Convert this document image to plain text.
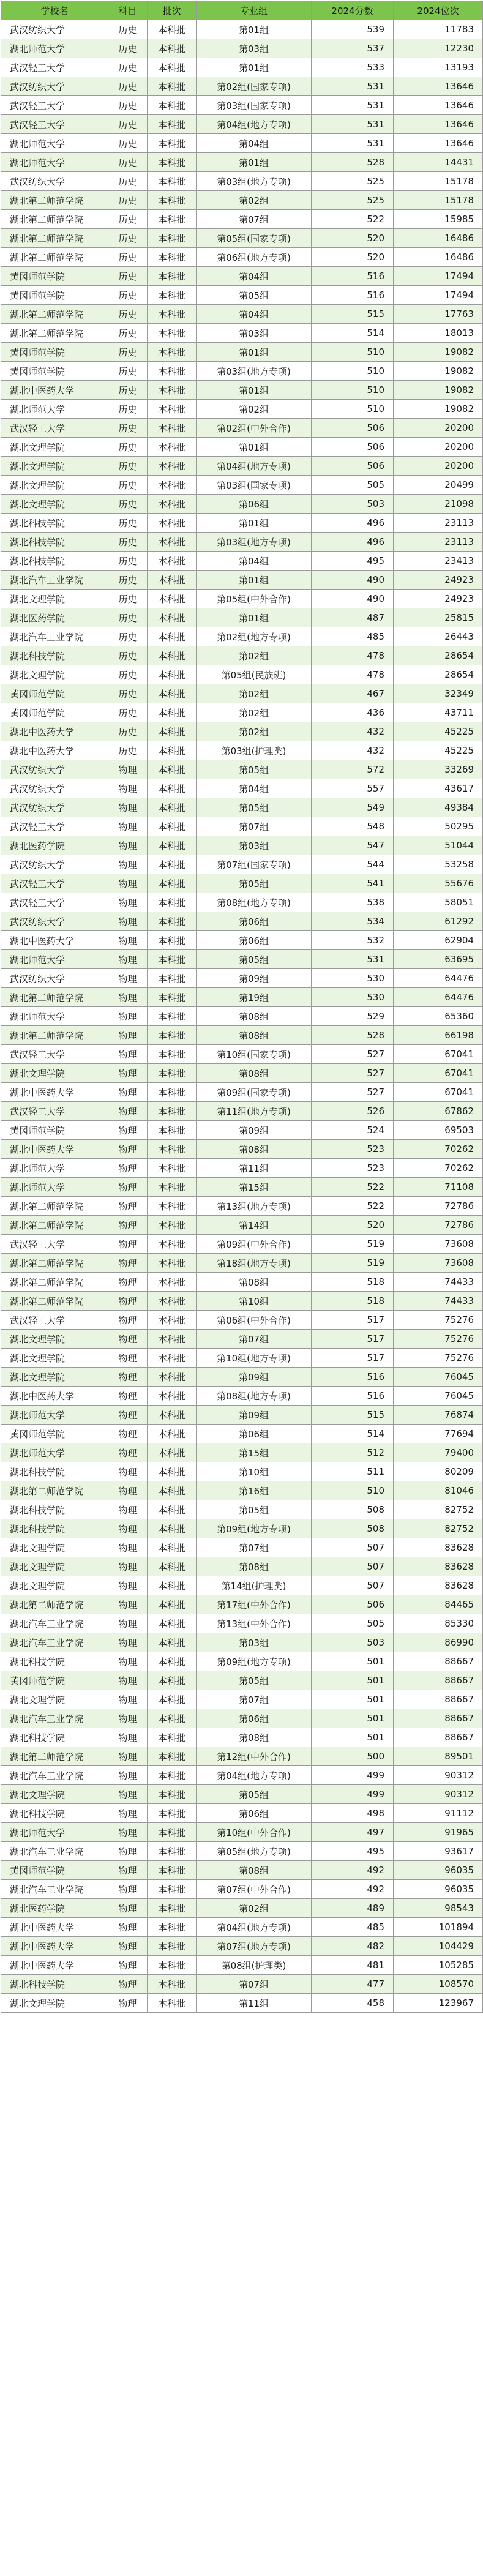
学校名	科目	批次	专业组	2024分数	2024位次
武汉纺织大学	历史	本科批	第01组	539	11783
湖北师范大学	历史	本科批	第03组	537	12230
武汉轻工大学	历史	本科批	第01组	533	13193
武汉纺织大学	历史	本科批	第02组(国家专项)	531	13646
武汉轻工大学	历史	本科批	第03组(国家专项)	531	13646
武汉轻工大学	历史	本科批	第04组(地方专项)	531	13646
湖北师范大学	历史	本科批	第04组	531	13646
湖北师范大学	历史	本科批	第01组	528	14431
武汉纺织大学	历史	本科批	第03组(地方专项)	525	15178
湖北第二师范学院	历史	本科批	第02组	525	15178
湖北第二师范学院	历史	本科批	第07组	522	15985
湖北第二师范学院	历史	本科批	第05组(国家专项)	520	16486
湖北第二师范学院	历史	本科批	第06组(地方专项)	520	16486
黄冈师范学院	历史	本科批	第04组	516	17494
黄冈师范学院	历史	本科批	第05组	516	17494
湖北第二师范学院	历史	本科批	第04组	515	17763
湖北第二师范学院	历史	本科批	第03组	514	18013
黄冈师范学院	历史	本科批	第01组	510	19082
黄冈师范学院	历史	本科批	第03组(地方专项)	510	19082
湖北中医药大学	历史	本科批	第01组	510	19082
湖北师范大学	历史	本科批	第02组	510	19082
武汉轻工大学	历史	本科批	第02组(中外合作)	506	20200
湖北文理学院	历史	本科批	第01组	506	20200
湖北文理学院	历史	本科批	第04组(地方专项)	506	20200
湖北文理学院	历史	本科批	第03组(国家专项)	505	20499
湖北文理学院	历史	本科批	第06组	503	21098
湖北科技学院	历史	本科批	第01组	496	23113
湖北科技学院	历史	本科批	第03组(地方专项)	496	23113
湖北科技学院	历史	本科批	第04组	495	23413
湖北汽车工业学院	历史	本科批	第01组	490	24923
湖北文理学院	历史	本科批	第05组(中外合作)	490	24923
湖北医药学院	历史	本科批	第01组	487	25815
湖北汽车工业学院	历史	本科批	第02组(地方专项)	485	26443
湖北科技学院	历史	本科批	第02组	478	28654
湖北文理学院	历史	本科批	第05组(民族班)	478	28654
黄冈师范学院	历史	本科批	第02组	467	32349
黄冈师范学院	历史	本科批	第02组	436	43711
湖北中医药大学	历史	本科批	第02组	432	45225
湖北中医药大学	历史	本科批	第03组(护理类)	432	45225
武汉纺织大学	物理	本科批	第05组	572	33269
武汉纺织大学	物理	本科批	第04组	557	43617
武汉纺织大学	物理	本科批	第05组	549	49384
武汉轻工大学	物理	本科批	第07组	548	50295
湖北医药学院	物理	本科批	第03组	547	51044
武汉纺织大学	物理	本科批	第07组(国家专项)	544	53258
武汉轻工大学	物理	本科批	第05组	541	55676
武汉轻工大学	物理	本科批	第08组(地方专项)	538	58051
武汉纺织大学	物理	本科批	第06组	534	61292
湖北中医药大学	物理	本科批	第06组	532	62904
湖北师范大学	物理	本科批	第05组	531	63695
武汉纺织大学	物理	本科批	第09组	530	64476
湖北第二师范学院	物理	本科批	第19组	530	64476
湖北师范大学	物理	本科批	第08组	529	65360
湖北第二师范学院	物理	本科批	第08组	528	66198
武汉轻工大学	物理	本科批	第10组(国家专项)	527	67041
湖北文理学院	物理	本科批	第08组	527	67041
湖北中医药大学	物理	本科批	第09组(国家专项)	527	67041
武汉轻工大学	物理	本科批	第11组(地方专项)	526	67862
黄冈师范学院	物理	本科批	第09组	524	69503
湖北中医药大学	物理	本科批	第08组	523	70262
湖北师范大学	物理	本科批	第11组	523	70262
湖北师范大学	物理	本科批	第15组	522	71108
湖北第二师范学院	物理	本科批	第13组(地方专项)	522	72786
湖北第二师范学院	物理	本科批	第14组	520	72786
武汉轻工大学	物理	本科批	第09组(中外合作)	519	73608
湖北第二师范学院	物理	本科批	第18组(地方专项)	519	73608
湖北第二师范学院	物理	本科批	第08组	518	74433
湖北第二师范学院	物理	本科批	第10组	518	74433
武汉轻工大学	物理	本科批	第06组(中外合作)	517	75276
湖北文理学院	物理	本科批	第07组	517	75276
湖北文理学院	物理	本科批	第10组(地方专项)	517	75276
湖北文理学院	物理	本科批	第09组	516	76045
湖北中医药大学	物理	本科批	第08组(地方专项)	516	76045
湖北师范大学	物理	本科批	第09组	515	76874
黄冈师范学院	物理	本科批	第06组	514	77694
湖北师范大学	物理	本科批	第15组	512	79400
湖北科技学院	物理	本科批	第10组	511	80209
湖北第二师范学院	物理	本科批	第16组	510	81046
湖北科技学院	物理	本科批	第05组	508	82752
湖北科技学院	物理	本科批	第09组(地方专项)	508	82752
湖北文理学院	物理	本科批	第07组	507	83628
湖北文理学院	物理	本科批	第08组	507	83628
湖北文理学院	物理	本科批	第14组(护理类)	507	83628
湖北第二师范学院	物理	本科批	第17组(中外合作)	506	84465
湖北汽车工业学院	物理	本科批	第13组(中外合作)	505	85330
湖北汽车工业学院	物理	本科批	第03组	503	86990
湖北科技学院	物理	本科批	第09组(地方专项)	501	88667
黄冈师范学院	物理	本科批	第05组	501	88667
湖北文理学院	物理	本科批	第07组	501	88667
湖北汽车工业学院	物理	本科批	第06组	501	88667
湖北科技学院	物理	本科批	第08组	501	88667
湖北第二师范学院	物理	本科批	第12组(中外合作)	500	89501
湖北汽车工业学院	物理	本科批	第04组(地方专项)	499	90312
湖北文理学院	物理	本科批	第05组	499	90312
湖北科技学院	物理	本科批	第06组	498	91112
湖北师范大学	物理	本科批	第10组(中外合作)	497	91965
湖北汽车工业学院	物理	本科批	第05组(地方专项)	495	93617
黄冈师范学院	物理	本科批	第08组	492	96035
湖北汽车工业学院	物理	本科批	第07组(中外合作)	492	96035
湖北医药学院	物理	本科批	第02组	489	98543
湖北中医药大学	物理	本科批	第04组(地方专项)	485	101894
湖北中医药大学	物理	本科批	第07组(地方专项)	482	104429
湖北中医药大学	物理	本科批	第08组(护理类)	481	105285
湖北科技学院	物理	本科批	第07组	477	108570
湖北文理学院	物理	本科批	第11组	458	123967
